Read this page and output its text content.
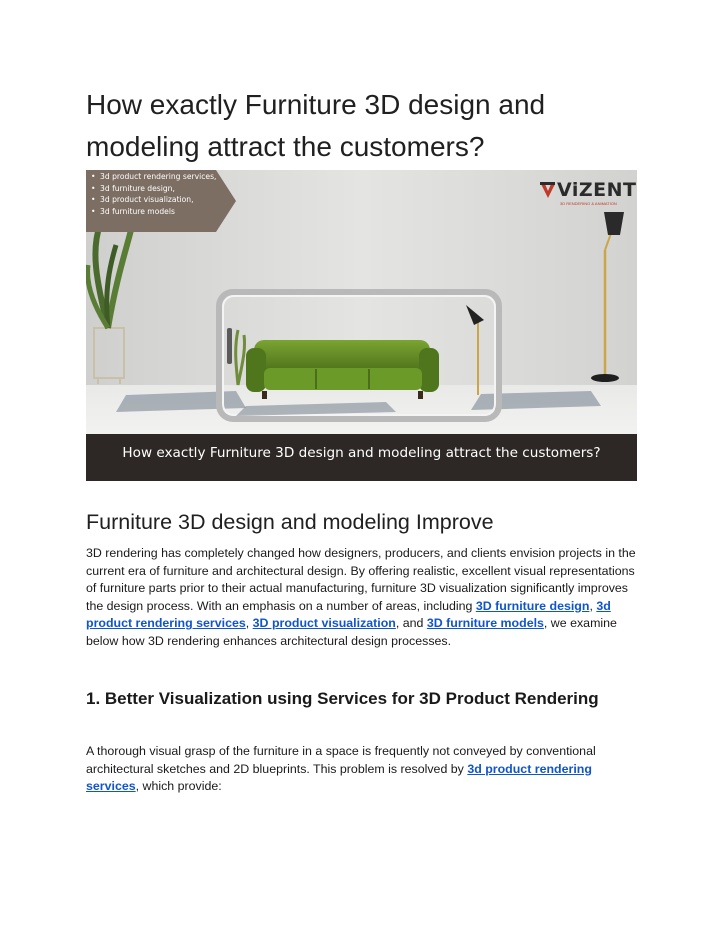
How exactly Furniture 3D design and modeling attract the customers?
• 3d product rendering services,
• 3d furniture design,
• 3d product visualization,
• 3d furniture models
ViZENT
3D RENDERING & ANIMATION
How exactly Furniture 3D design and modeling attract the customers?
Furniture 3D design and modeling Improve

3D rendering has completely changed how designers, producers, and clients envision projects in the current era of furniture and architectural design. By offering realistic, excellent visual representations of furniture parts prior to their actual manufacturing, furniture 3D visualization significantly improves the design process. With an emphasis on a number of areas, including 3D furniture design, 3d product rendering services, 3D product visualization, and 3D furniture models, we examine below how 3D rendering enhances architectural design processes.

1. Better Visualization using Services for 3D Product Rendering

A thorough visual grasp of the furniture in a space is frequently not conveyed by conventional architectural sketches and 2D blueprints. This problem is resolved by 3d product rendering services, which provide:
